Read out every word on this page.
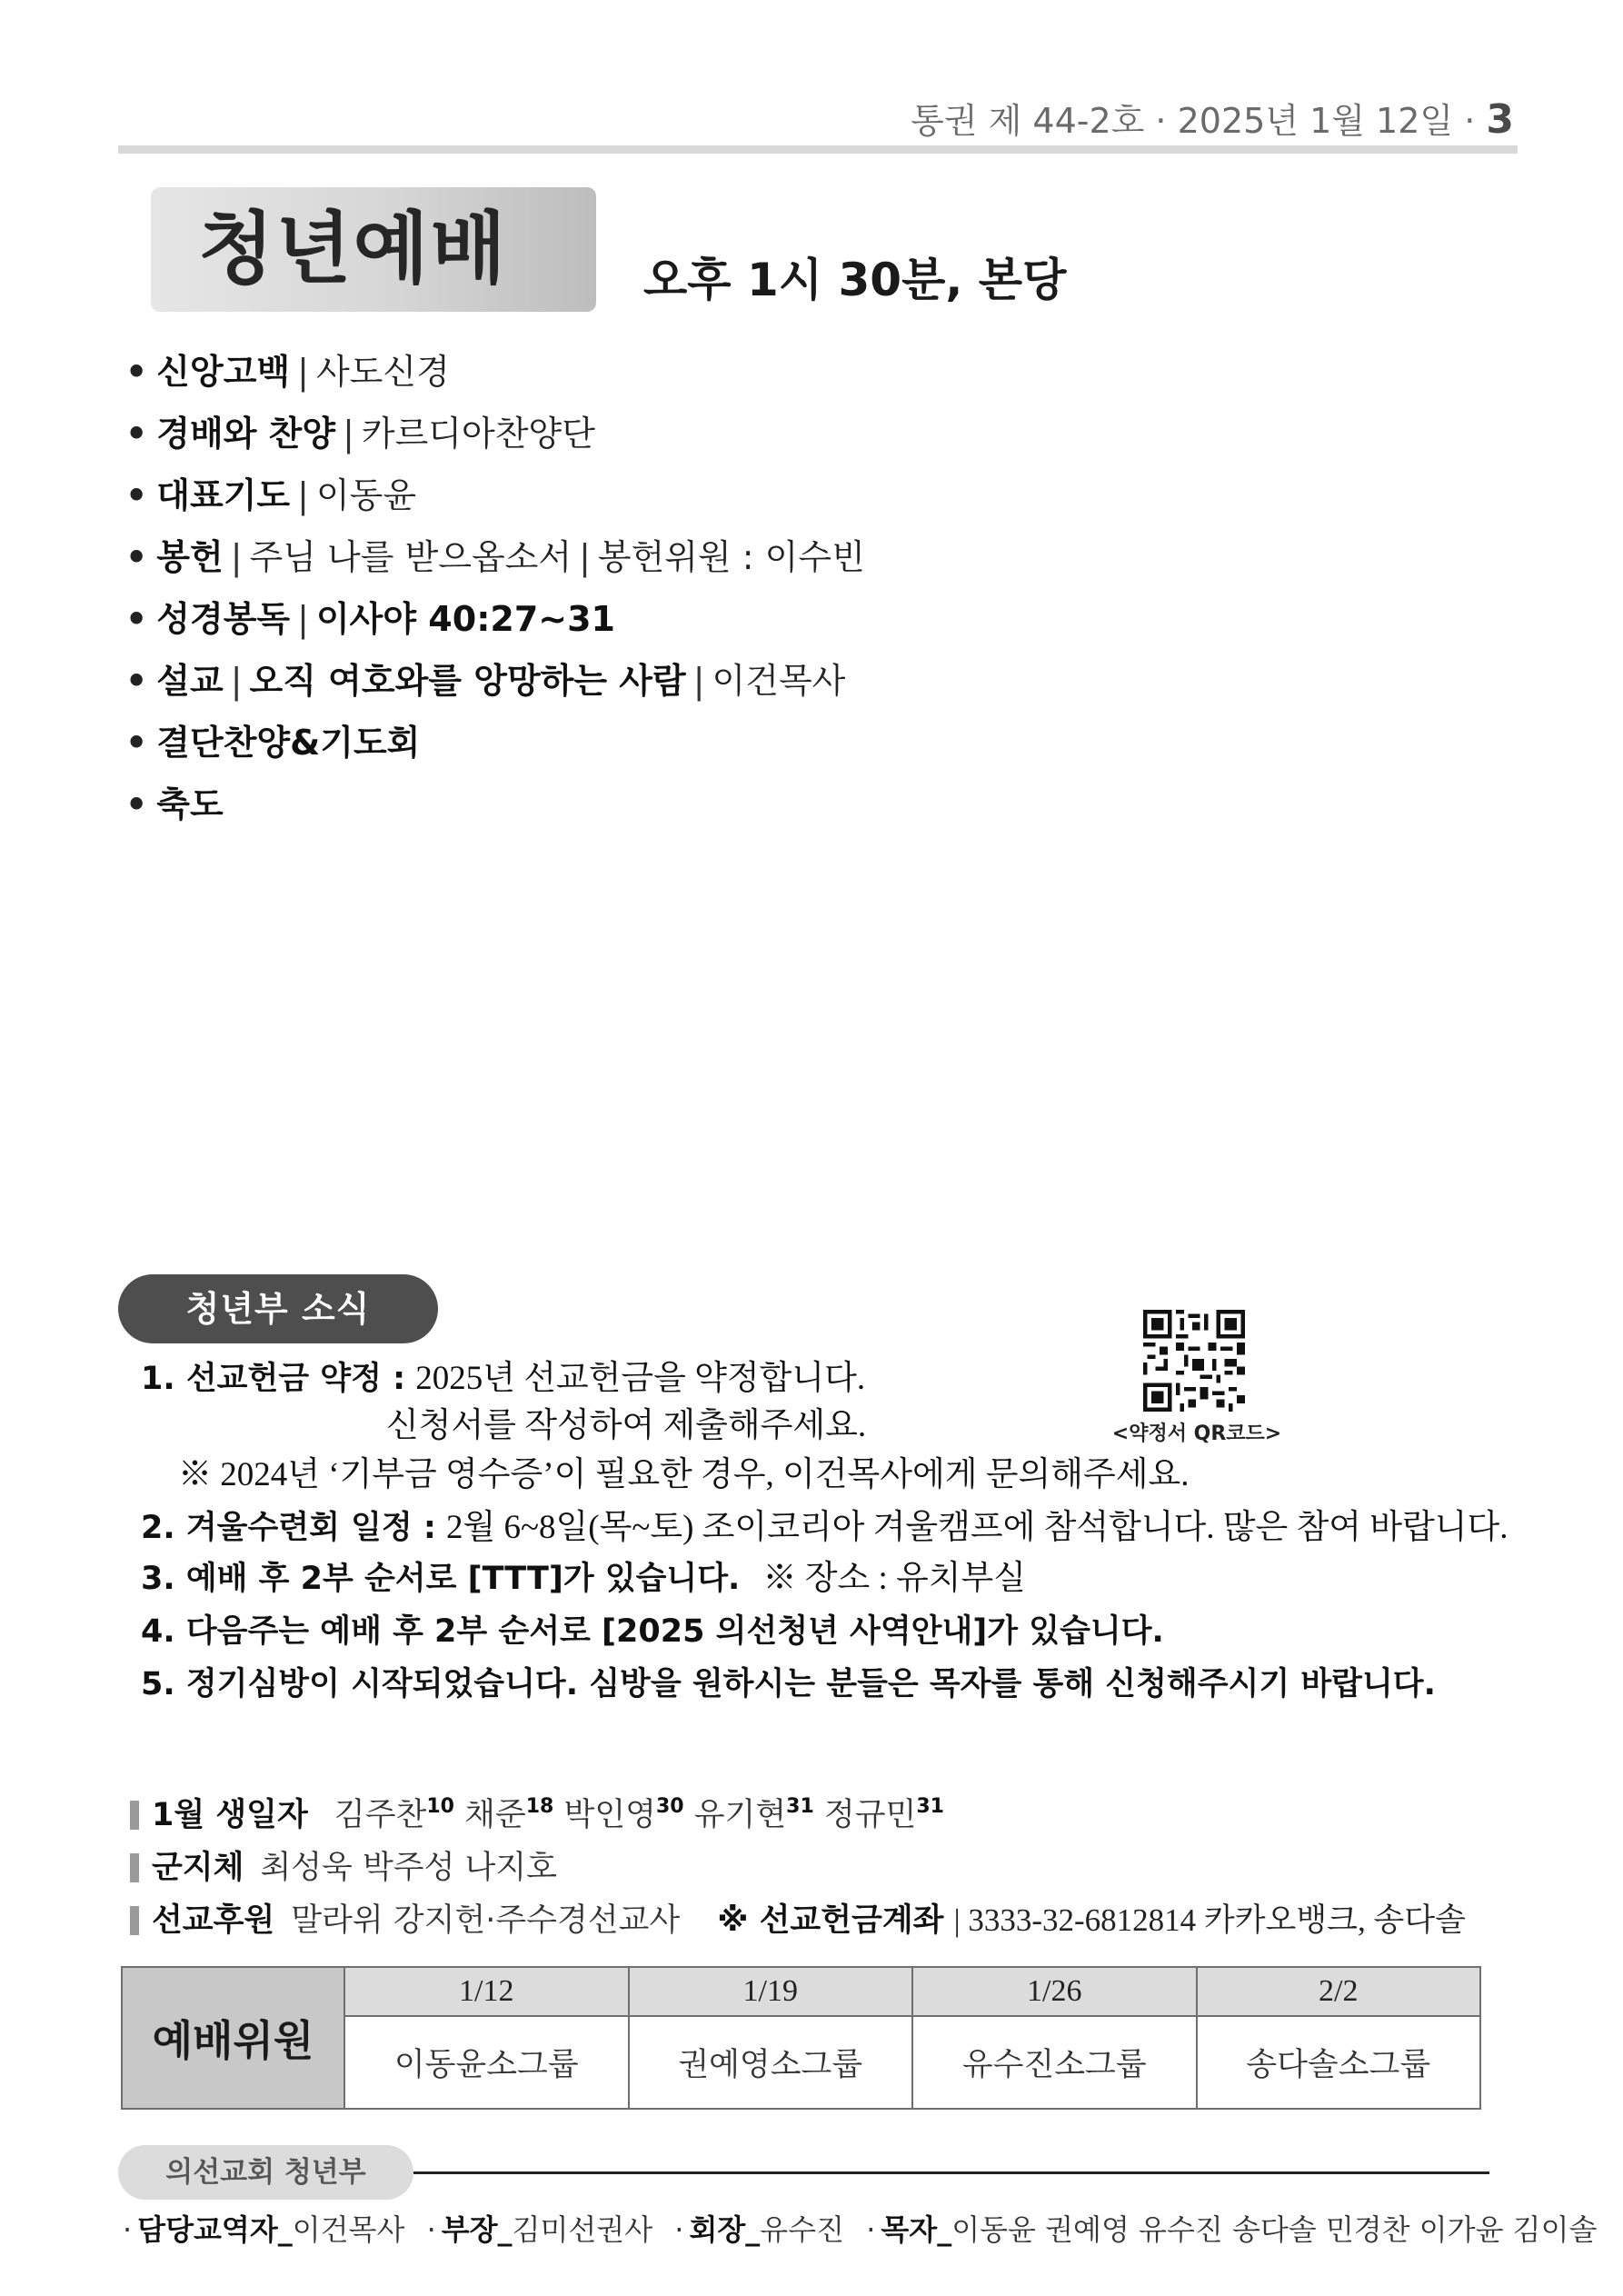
통권 제 44-2호 · 2025년 1월 12일 · 3
청년예배	오후 1시 30분, 본당
• 신앙고백 | 사도신경
• 경배와 찬양 | 카르디아찬양단
• 대표기도 | 이동윤
• 봉헌 | 주님 나를 받으옵소서 | 봉헌위원 : 이수빈
• 성경봉독 | 이사야 40:27~31
• 설교 | 오직 여호와를 앙망하는 사람 | 이건목사
• 결단찬양&기도회
• 축도
청년부 소식
<약정서 QR코드>
1. 선교헌금 약정 : 2025년 선교헌금을 약정합니다.
신청서를 작성하여 제출해주세요.
※ 2024년 ‘기부금 영수증’이 필요한 경우, 이건목사에게 문의해주세요.
2. 겨울수련회 일정 : 2월 6~8일(목~토) 조이코리아 겨울캠프에 참석합니다. 많은 참여 바랍니다.
3. 예배 후 2부 순서로 [TTT]가 있습니다. ※ 장소 : 유치부실
4. 다음주는 예배 후 2부 순서로 [2025 의선청년 사역안내]가 있습니다.
5. 정기심방이 시작되었습니다. 심방을 원하시는 분들은 목자를 통해 신청해주시기 바랍니다.
1월 생일자 김주찬$^{10}$ 채준$^{18}$ 박인영$^{30}$ 유기현$^{31}$ 정규민$^{31}$
군지체 최성욱 박주성 나지호
선교후원 말라위 강지헌·주수경선교사 ※ 선교헌금계좌 | 3333-32-6812814 카카오뱅크, 송다솔
예배위원	1/12	1/19	1/26	2/2
	이동윤소그룹	권예영소그룹	유수진소그룹	송다솔소그룹
의선교회 청년부
· 담당교역자_이건목사 · 부장_김미선권사 · 회장_유수진 · 목자_이동윤 권예영 유수진 송다솔 민경찬 이가윤 김이솔
